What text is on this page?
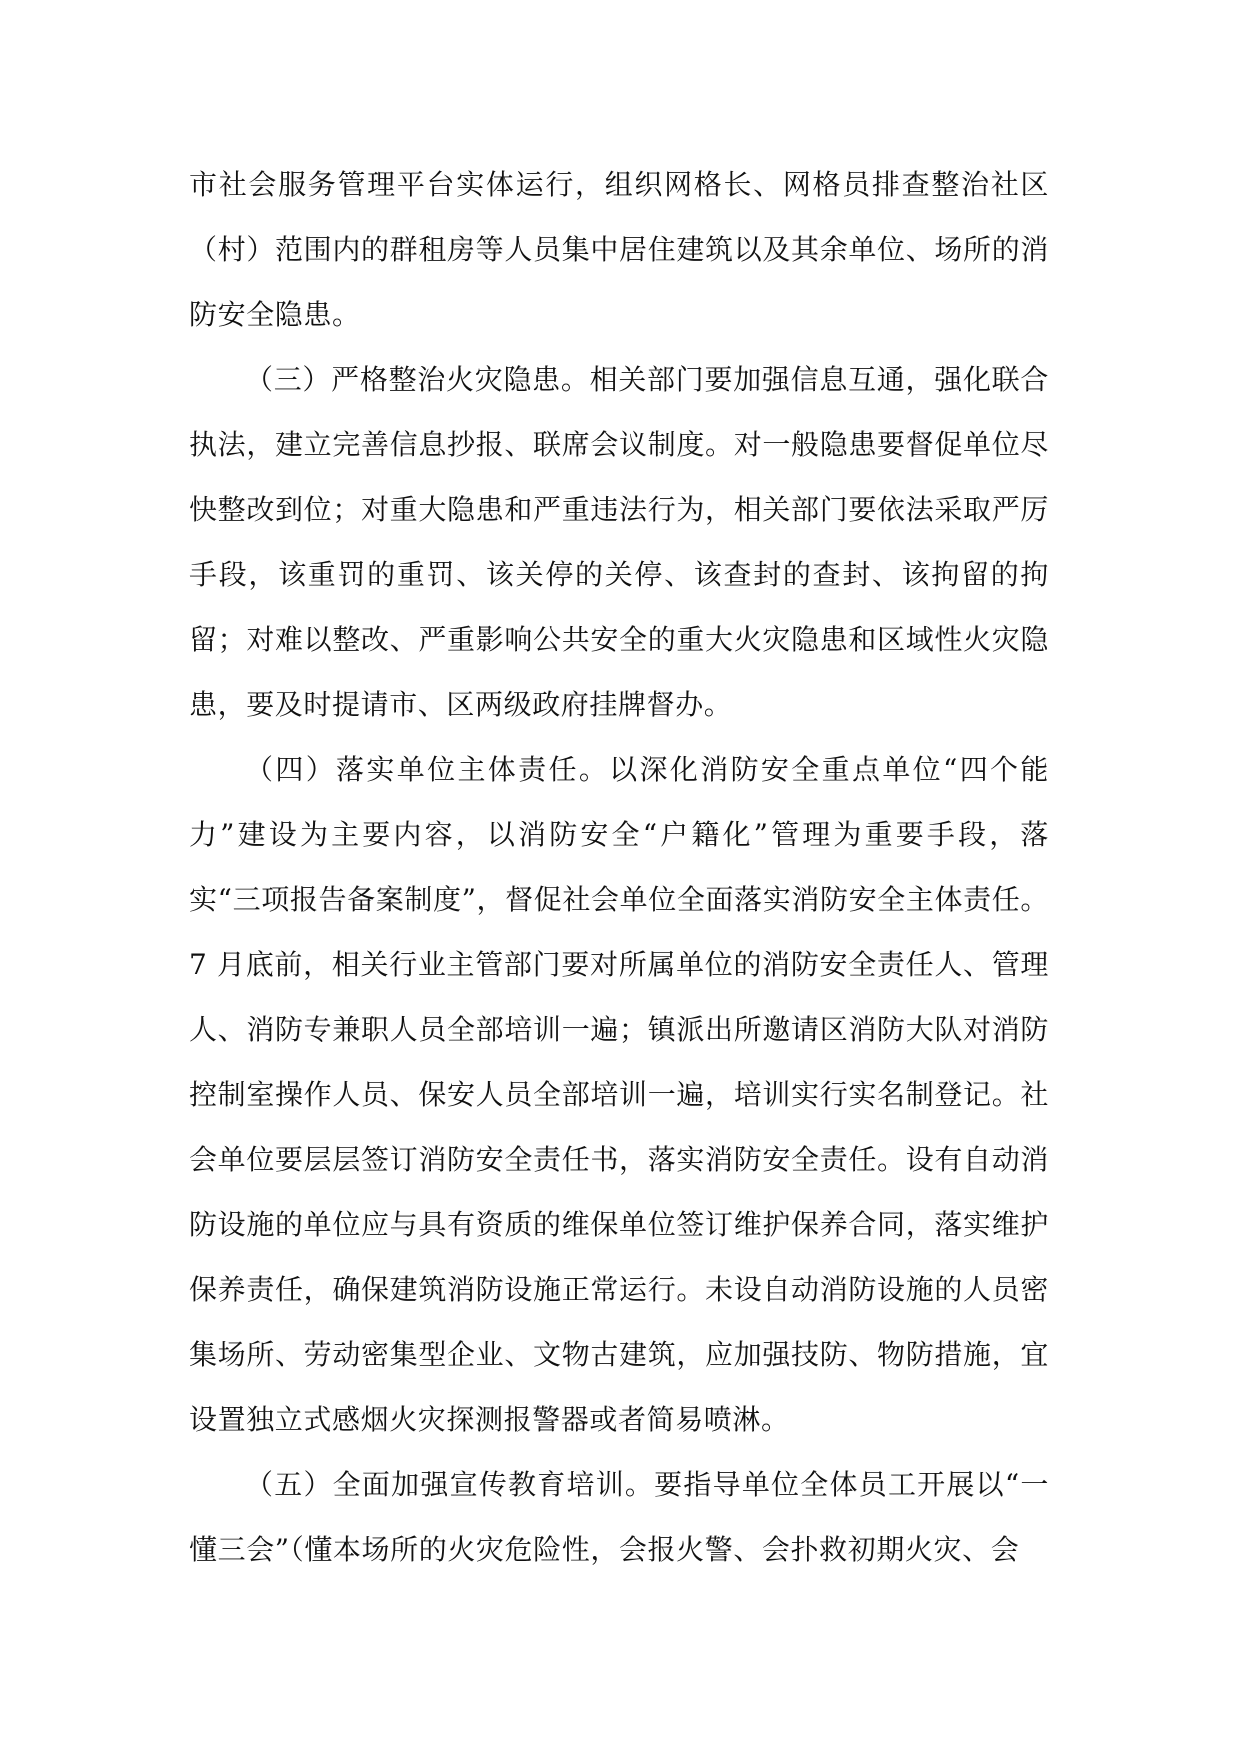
市社会服务管理平台实体运行，组织网格长、网格员排查整治社区（村）范围内的群租房等人员集中居住建筑以及其余单位、场所的消防安全隐患。

（三）严格整治火灾隐患。相关部门要加强信息互通，强化联合执法，建立完善信息抄报、联席会议制度。对一般隐患要督促单位尽快整改到位；对重大隐患和严重违法行为，相关部门要依法采取严厉手段，该重罚的重罚、该关停的关停、该查封的查封、该拘留的拘留；对难以整改、严重影响公共安全的重大火灾隐患和区域性火灾隐患，要及时提请市、区两级政府挂牌督办。

（四）落实单位主体责任。以深化消防安全重点单位“四个能力”建设为主要内容，以消防安全“户籍化”管理为重要手段，落实“三项报告备案制度”，督促社会单位全面落实消防安全主体责任。7 月底前，相关行业主管部门要对所属单位的消防安全责任人、管理人、消防专兼职人员全部培训一遍；镇派出所邀请区消防大队对消防控制室操作人员、保安人员全部培训一遍，培训实行实名制登记。社会单位要层层签订消防安全责任书，落实消防安全责任。设有自动消防设施的单位应与具有资质的维保单位签订维护保养合同，落实维护保养责任，确保建筑消防设施正常运行。未设自动消防设施的人员密集场所、劳动密集型企业、文物古建筑，应加强技防、物防措施，宜设置独立式感烟火灾探测报警器或者简易喷淋。

（五）全面加强宣传教育培训。要指导单位全体员工开展以“一懂三会”（懂本场所的火灾危险性，会报火警、会扑救初期火灾、会
